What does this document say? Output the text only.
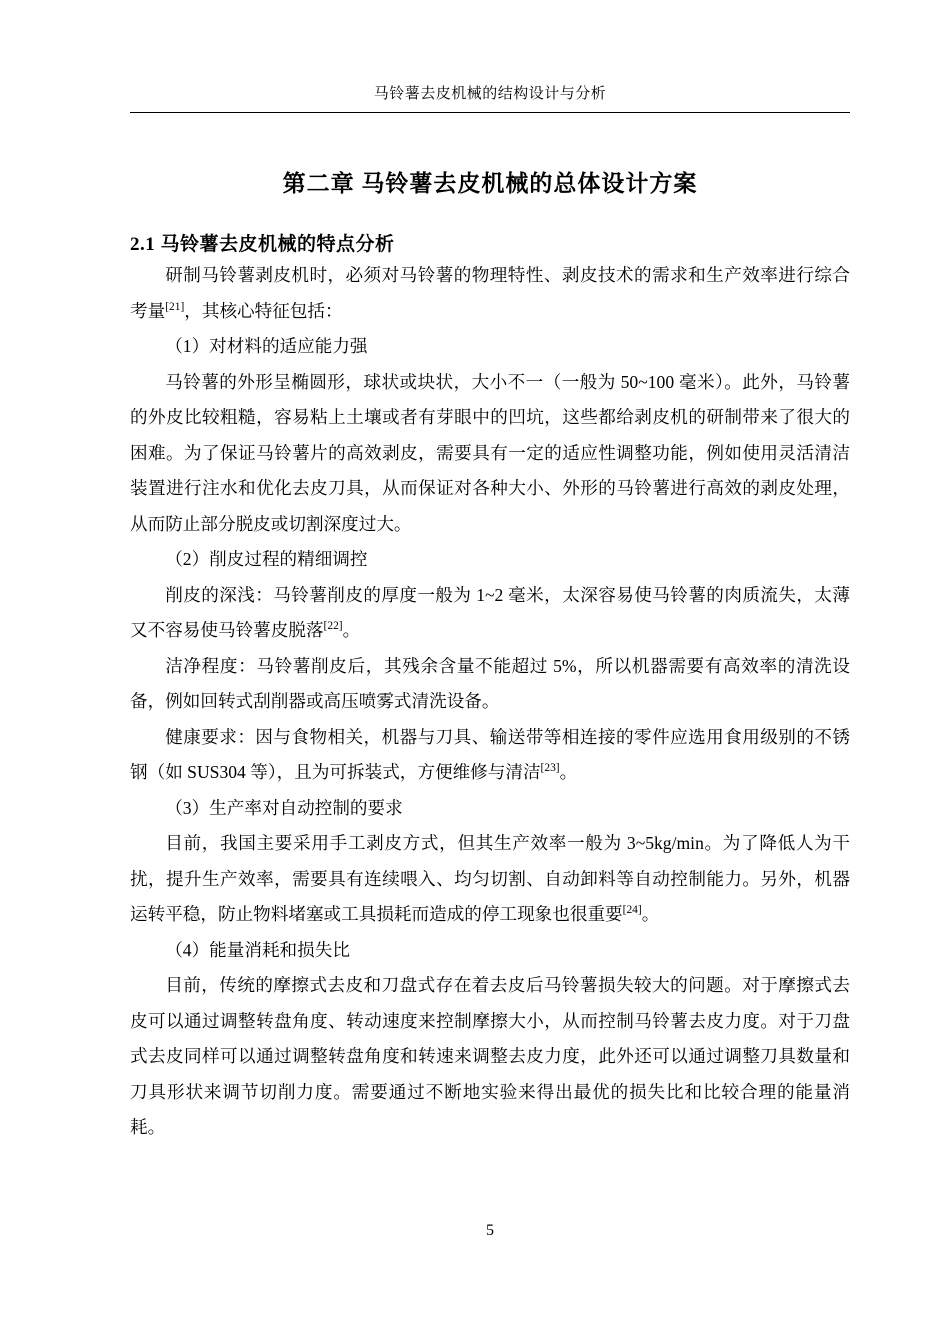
马铃薯去皮机械的结构设计与分析
第二章 马铃薯去皮机械的总体设计方案
2.1 马铃薯去皮机械的特点分析

研制马铃薯剥皮机时，必须对马铃薯的物理特性、剥皮技术的需求和生产效率进行综合考量[21]，其核心特征包括：

（1）对材料的适应能力强

马铃薯的外形呈椭圆形，球状或块状，大小不一（一般为 50~100 毫米）。此外，马铃薯的外皮比较粗糙，容易粘上土壤或者有芽眼中的凹坑，这些都给剥皮机的研制带来了很大的困难。为了保证马铃薯片的高效剥皮，需要具有一定的适应性调整功能，例如使用灵活清洁装置进行注水和优化去皮刀具，从而保证对各种大小、外形的马铃薯进行高效的剥皮处理，从而防止部分脱皮或切割深度过大。

（2）削皮过程的精细调控

削皮的深浅：马铃薯削皮的厚度一般为 1~2 毫米，太深容易使马铃薯的肉质流失，太薄又不容易使马铃薯皮脱落[22]。

洁净程度：马铃薯削皮后，其残余含量不能超过 5%，所以机器需要有高效率的清洗设备，例如回转式刮削器或高压喷雾式清洗设备。

健康要求：因与食物相关，机器与刀具、输送带等相连接的零件应选用食用级别的不锈钢（如 SUS304 等），且为可拆装式，方便维修与清洁[23]。

（3）生产率对自动控制的要求

目前，我国主要采用手工剥皮方式，但其生产效率一般为 3~5kg/min。为了降低人为干扰，提升生产效率，需要具有连续喂入、均匀切割、自动卸料等自动控制能力。另外，机器运转平稳，防止物料堵塞或工具损耗而造成的停工现象也很重要[24]。

（4）能量消耗和损失比

目前，传统的摩擦式去皮和刀盘式存在着去皮后马铃薯损失较大的问题。对于摩擦式去皮可以通过调整转盘角度、转动速度来控制摩擦大小，从而控制马铃薯去皮力度。对于刀盘式去皮同样可以通过调整转盘角度和转速来调整去皮力度，此外还可以通过调整刀具数量和刀具形状来调节切削力度。需要通过不断地实验来得出最优的损失比和比较合理的能量消耗。

5
